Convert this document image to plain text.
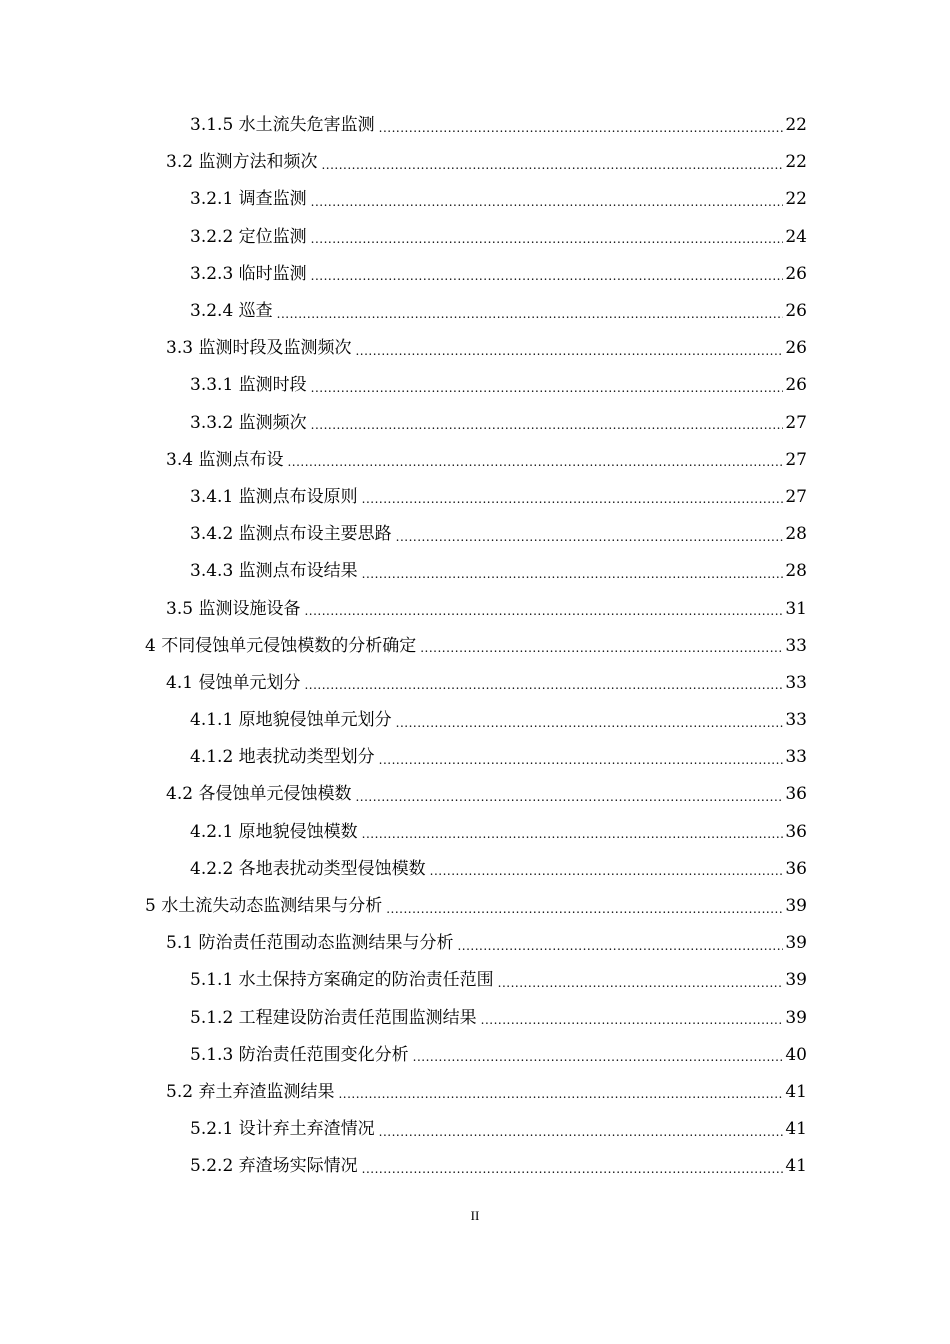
3.1.5 水土流失危害监测 .....	22
3.2 监测方法和频次 .....	22
3.2.1 调查监测 .....	22
3.2.2 定位监测 .....	24
3.2.3 临时监测 .....	26
3.2.4 巡查 .....	26
3.3 监测时段及监测频次 .....	26
3.3.1 监测时段 .....	26
3.3.2 监测频次 .....	27
3.4 监测点布设 .....	27
3.4.1 监测点布设原则 .....	27
3.4.2 监测点布设主要思路 .....	28
3.4.3 监测点布设结果 .....	28
3.5 监测设施设备 .....	31
4 不同侵蚀单元侵蚀模数的分析确定 .....	33
4.1 侵蚀单元划分 .....	33
4.1.1 原地貌侵蚀单元划分 .....	33
4.1.2 地表扰动类型划分 .....	33
4.2 各侵蚀单元侵蚀模数 .....	36
4.2.1 原地貌侵蚀模数 .....	36
4.2.2 各地表扰动类型侵蚀模数 .....	36
5 水土流失动态监测结果与分析 .....	39
5.1 防治责任范围动态监测结果与分析 .....	39
5.1.1 水土保持方案确定的防治责任范围 .....	39
5.1.2 工程建设防治责任范围监测结果 .....	39
5.1.3 防治责任范围变化分析 .....	40
5.2 弃土弃渣监测结果 .....	41
5.2.1 设计弃土弃渣情况 .....	41
5.2.2 弃渣场实际情况 .....	41
II
